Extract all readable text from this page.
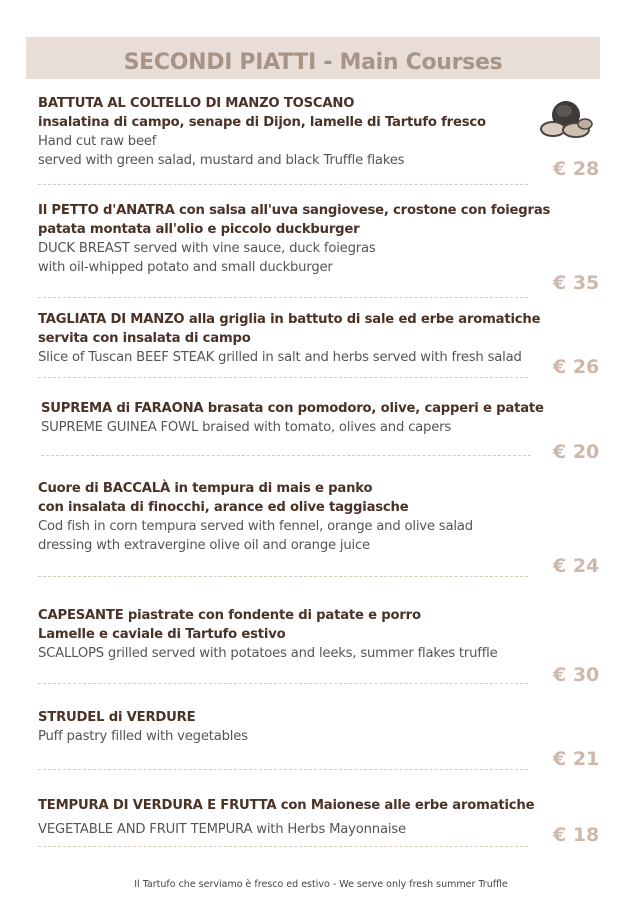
SECONDI PIATTI - Main Courses
BATTUTA AL COLTELLO DI MANZO TOSCANO
insalatina di campo, senape di Dijon, lamelle di Tartufo fresco
Hand cut raw beef
served with green salad, mustard and black Truffle flakes	€ 28
Il PETTO d'ANATRA con salsa all'uva sangiovese, crostone con foiegras
patata montata all'olio e piccolo duckburger
DUCK BREAST served with vine sauce, duck foiegras
with oil-whipped potato and small duckburger
€ 35
TAGLIATA DI MANZO alla griglia in battuto di sale ed erbe aromatiche
servita con insalata di campo
Slice of Tuscan BEEF STEAK grilled in salt and herbs served with fresh salad	€ 26
SUPREMA di FARAONA brasata con pomodoro, olive, capperi e patate
SUPREME GUINEA FOWL braised with tomato, olives and capers
€ 20
Cuore di BACCALÀ in tempura di mais e panko
con insalata di finocchi, arance ed olive taggiasche
Cod fish in corn tempura served with fennel, orange and olive salad
dressing wth extravergine olive oil and orange juice
€ 24
CAPESANTE piastrate con fondente di patate e porro
Lamelle e caviale di Tartufo estivo
SCALLOPS grilled served with potatoes and leeks, summer flakes truffle
€ 30
STRUDEL di VERDURE
Puff pastry filled with vegetables
€ 21
TEMPURA DI VERDURA E FRUTTA con Maionese alle erbe aromatiche
VEGETABLE AND FRUIT TEMPURA with Herbs Mayonnaise	€ 18
Il Tartufo che serviamo è fresco ed estivo - We serve only fresh summer Truffle
